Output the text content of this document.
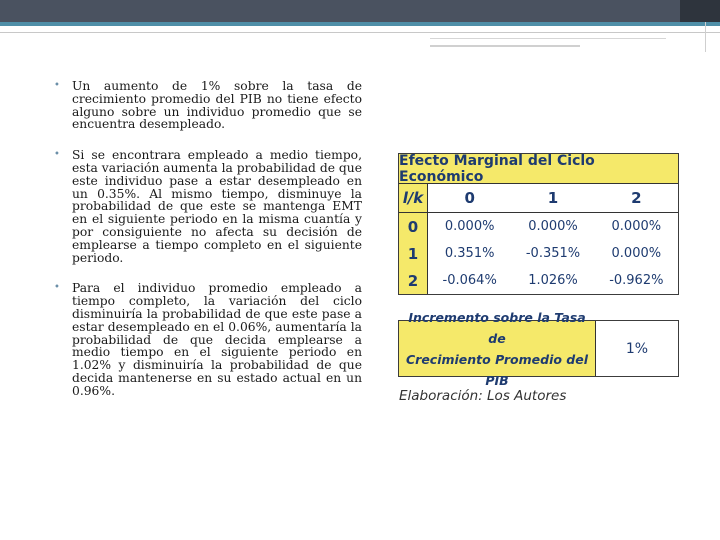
• Un aumento de 1% sobre la tasa de crecimiento promedio del PIB no tiene efecto alguno sobre un individuo promedio que se encuentra desempleado.
• Si se encontrara empleado a medio tiempo, esta variación aumenta la probabilidad de que este individuo pase a estar desempleado en un 0.35%. Al mismo tiempo, disminuye la probabilidad de que este se mantenga EMT en el siguiente periodo en la misma cuantía y por consiguiente no afecta su decisión de emplearse a tiempo completo en el siguiente periodo.
• Para el individuo promedio empleado a tiempo completo, la variación del ciclo disminuiría la probabilidad de que este pase a estar desempleado en el 0.06%, aumentaría la probabilidad de que decida emplearse a medio tiempo en el siguiente periodo en 1.02% y disminuiría la probabilidad de que decida mantenerse en su estado actual en un 0.96%.
Efecto Marginal del Ciclo Económico
l/k	0	1	2
0	0.000%	0.000%	0.000%
1	0.351%	-0.351%	0.000%
2	-0.064%	1.026%	-0.962%
Incremento sobre la Tasa de
Crecimiento Promedio del PIB
1%
Elaboración: Los Autores
